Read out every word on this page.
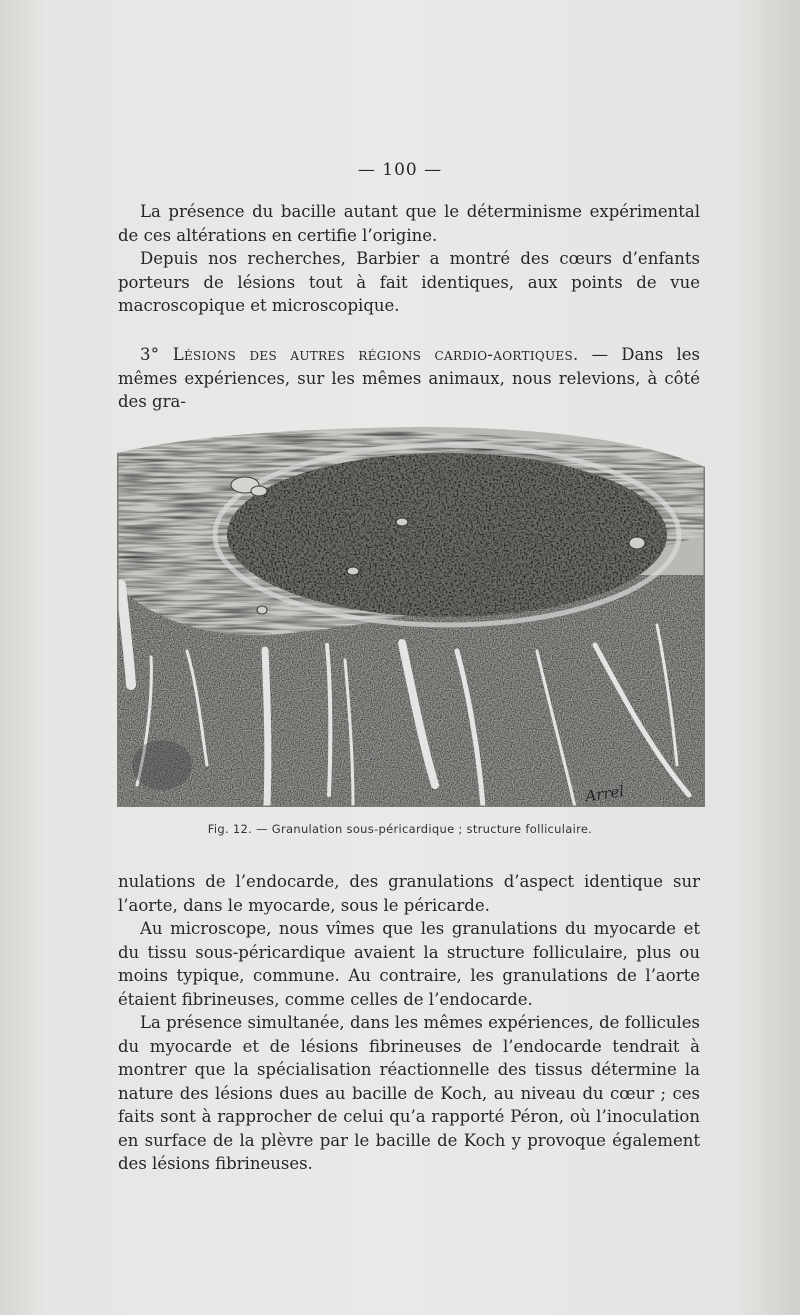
— 100 —

La présence du bacille autant que le déterminisme expérimental de ces altérations en certifie l’origine.

Depuis nos recherches, Barbier a montré des cœurs d’enfants porteurs de lésions tout à fait identiques, aux points de vue macroscopique et microscopique.

3° Lésions des autres régions cardio-aortiques. — Dans les mêmes expériences, sur les mêmes animaux, nous relevions, à côté des gra-

Arrel
Fig. 12. — Granulation sous-péricardique ; structure folliculaire.

nulations de l’endocarde, des granulations d’aspect identique sur l’aorte, dans le myocarde, sous le péricarde.

Au microscope, nous vîmes que les granulations du myocarde et du tissu sous-péricardique avaient la structure folliculaire, plus ou moins typique, commune. Au contraire, les granulations de l’aorte étaient fibrineuses, comme celles de l’endocarde.

La présence simultanée, dans les mêmes expériences, de follicules du myocarde et de lésions fibrineuses de l’endocarde tendrait à montrer que la spécialisation réactionnelle des tissus détermine la nature des lésions dues au bacille de Koch, au niveau du cœur ; ces faits sont à rapprocher de celui qu’a rapporté Péron, où l’inoculation en surface de la plèvre par le bacille de Koch y provoque également des lésions fibrineuses.
